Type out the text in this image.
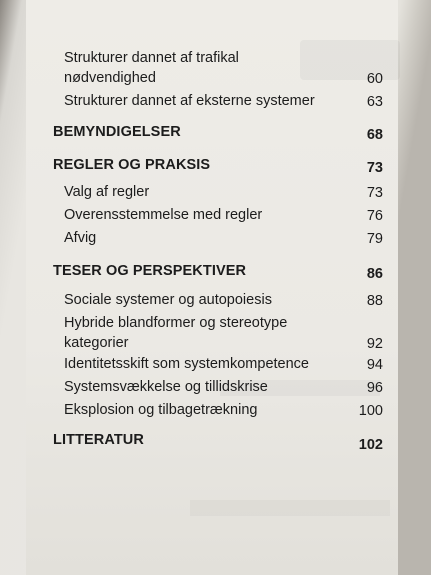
Strukturer dannet af trafikal
nødvendighed	60
Strukturer dannet af eksterne systemer	63
BEMYNDIGELSER	68
REGLER OG PRAKSIS	73
Valg af regler	73
Overensstemmelse med regler	76
Afvig	79
TESER OG PERSPEKTIVER	86
Sociale systemer og autopoiesis	88
Hybride blandformer og stereotype
kategorier	92
Identitetsskift som systemkompetence	94
Systemsvækkelse og tillidskrise	96
Eksplosion og tilbagetrækning	100
LITTERATUR	102
